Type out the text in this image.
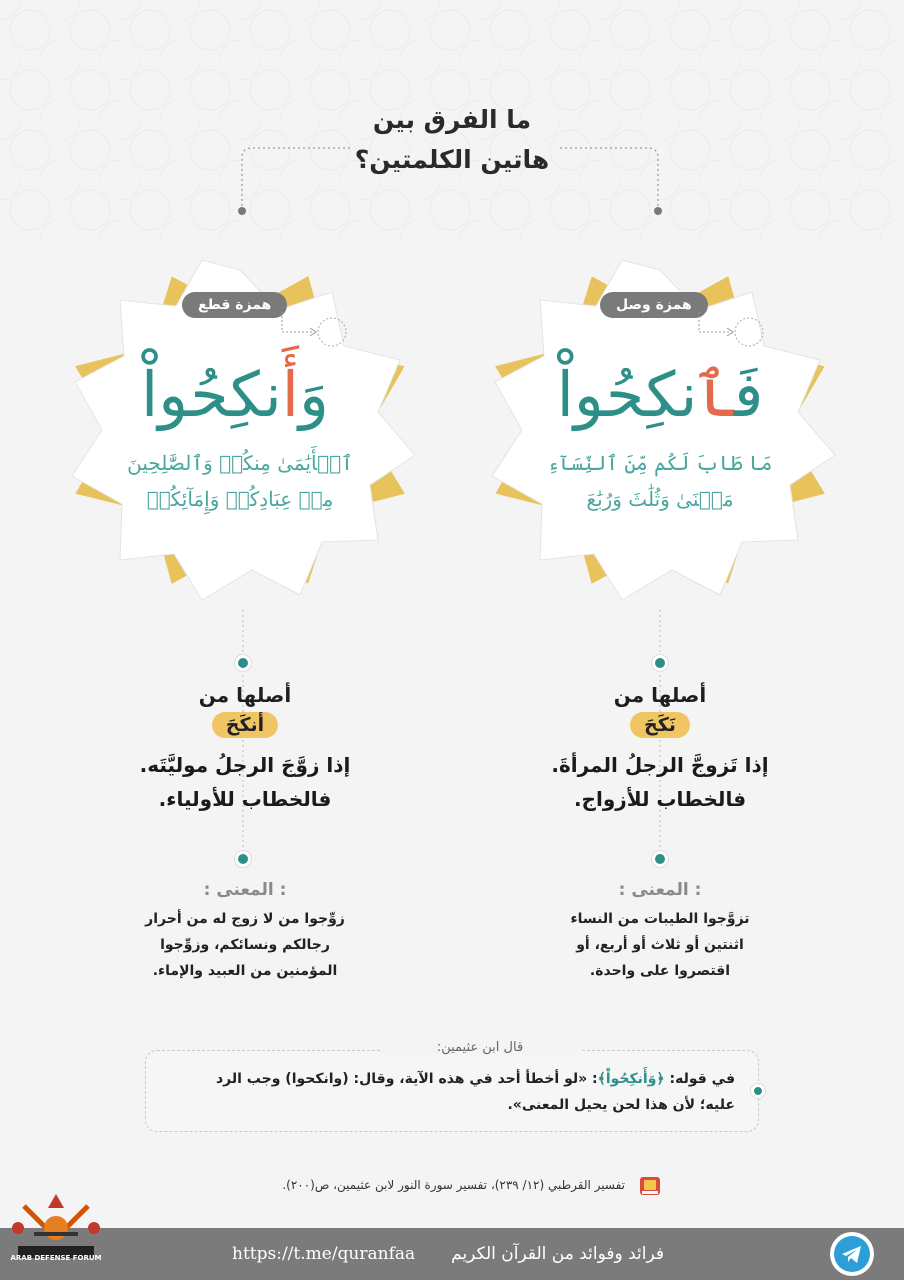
ما الفرق بين
هاتين الكلمتين؟
همزة قطع
وَأَنكِحُواْ
ٱلۡأَيَٰمَىٰ مِنكُمۡ وَٱلصَّٰلِحِينَ
مِنۡ عِبَادِكُمۡ وَإِمَآئِكُمۡ
همزة وصل
فَٱنكِحُواْ
مَا طَابَ لَكُم مِّنَ ٱلنِّسَآءِ
مَثۡنَىٰ وَثُلَٰثَ وَرُبَٰعَ
أصلها من
أنكَحَ
إذا زوَّجَ الرجلُ موليَّتَه.
فالخطاب للأولياء.
: المعنى :
زوِّجوا من لا زوج له من أحرار
رجالكم ونسائكم، وزوِّجوا
المؤمنين من العبيد والإماء.
أصلها من
نَكَحَ
إذا تَزوجَّ الرجلُ المرأةَ.
فالخطاب للأزواج.
: المعنى :
تزوَّجوا الطيبات من النساء
اثنتين أو ثلاث أو أربع، أو
اقتصروا على واحدة.
قال ابن عثيمين:
في قوله: ﴿وَأَنكِحُواْ﴾: «لو أخطأ أحد في هذه الآية، وقال: (وانكحوا) وجب الرد
عليه؛ لأن هذا لحن يحيل المعنى».
تفسير القرطبي (١٢/ ٢٣٩)، تفسير سورة النور لابن عثيمين، ص(٢٠٠).
فرائد وفوائد من القرآن الكريم
https://t.me/quranfaa
ARAB DEFENSE FORUM
